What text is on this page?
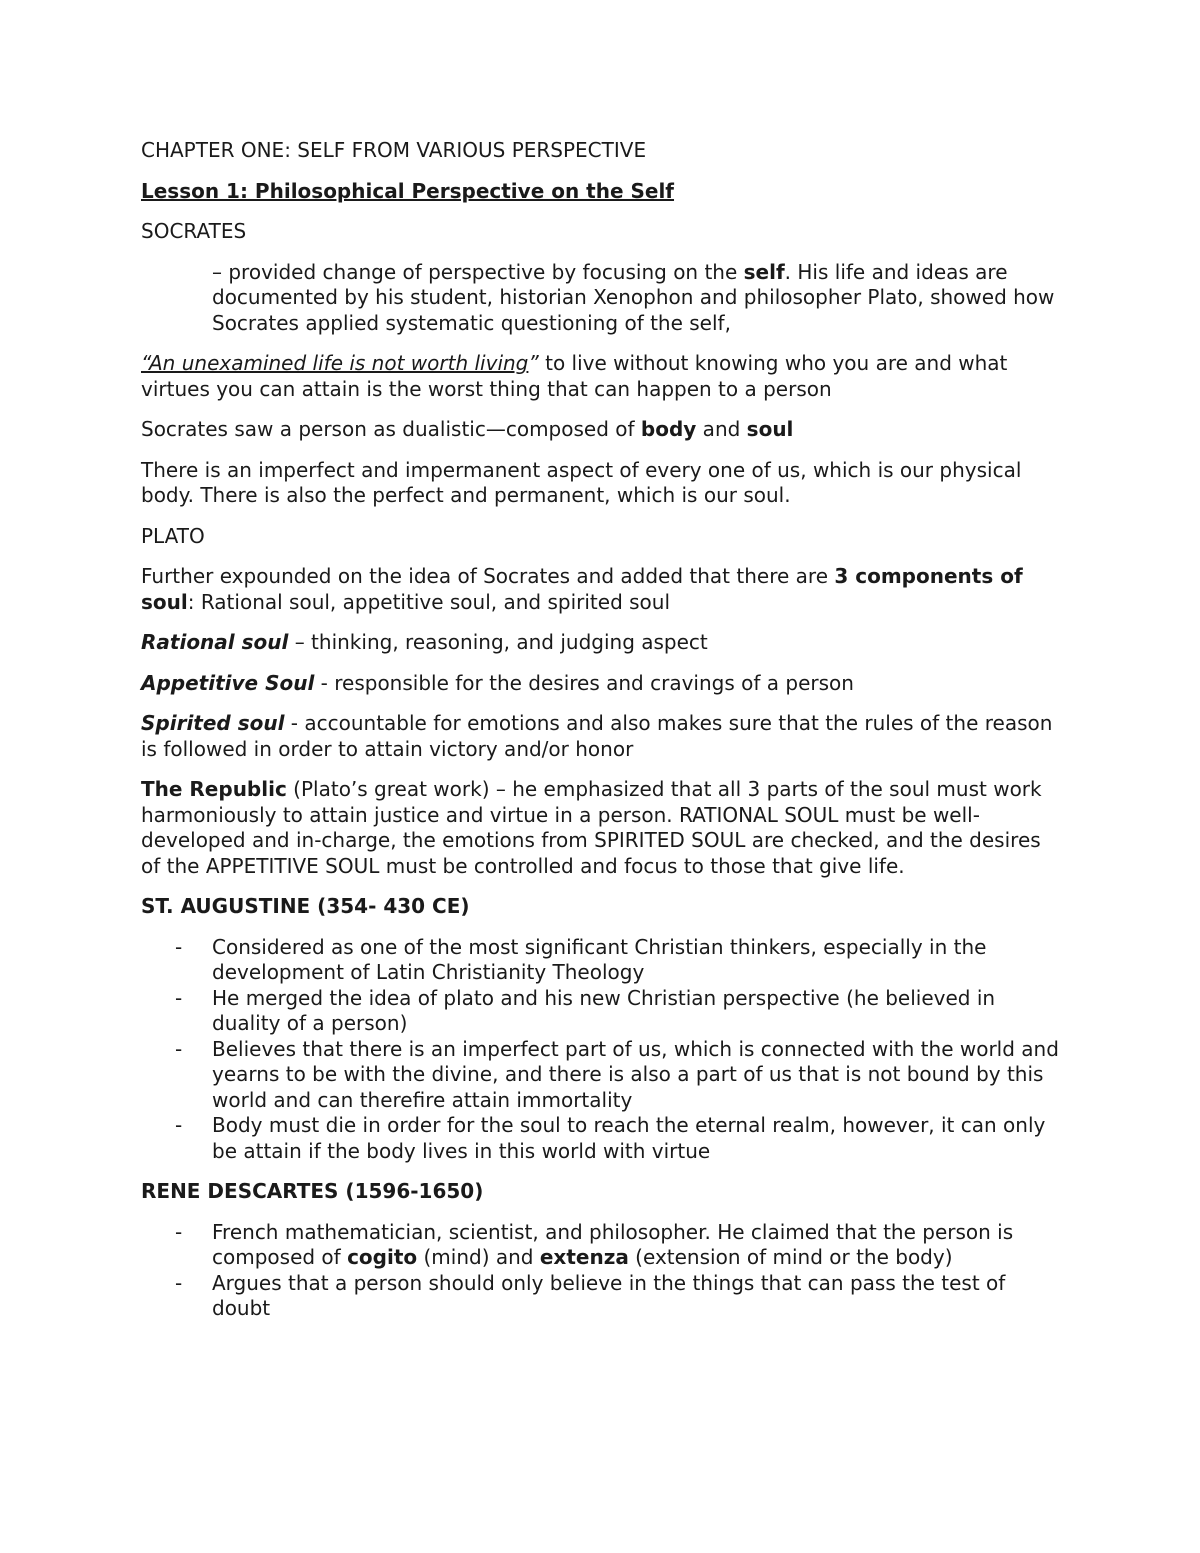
CHAPTER ONE: SELF FROM VARIOUS PERSPECTIVE

Lesson 1: Philosophical Perspective on the Self

SOCRATES

– provided change of perspective by focusing on the self. His life and ideas are documented by his student, historian Xenophon and philosopher Plato, showed how Socrates applied systematic questioning of the self,

“An unexamined life is not worth living” to live without knowing who you are and what virtues you can attain is the worst thing that can happen to a person

Socrates saw a person as dualistic—composed of body and soul

There is an imperfect and impermanent aspect of every one of us, which is our physical body. There is also the perfect and permanent, which is our soul.

PLATO

Further expounded on the idea of Socrates and added that there are 3 components of soul: Rational soul, appetitive soul, and spirited soul

Rational soul – thinking, reasoning, and judging aspect

Appetitive Soul - responsible for the desires and cravings of a person

Spirited soul - accountable for emotions and also makes sure that the rules of the reason is followed in order to attain victory and/or honor

The Republic (Plato’s great work) – he emphasized that all 3 parts of the soul must work harmoniously to attain justice and virtue in a person. RATIONAL SOUL must be well- developed and in-charge, the emotions from SPIRITED SOUL are checked, and the desires of the APPETITIVE SOUL must be controlled and focus to those that give life.

ST. AUGUSTINE (354- 430 CE)

- Considered as one of the most significant Christian thinkers, especially in the development of Latin Christianity Theology
- He merged the idea of plato and his new Christian perspective (he believed in duality of a person)
- Believes that there is an imperfect part of us, which is connected with the world and yearns to be with the divine, and there is also a part of us that is not bound by this world and can therefire attain immortality
- Body must die in order for the soul to reach the eternal realm, however, it can only be attain if the body lives in this world with virtue

RENE DESCARTES (1596-1650)

- French mathematician, scientist, and philosopher. He claimed that the person is composed of cogito (mind) and extenza (extension of mind or the body)
- Argues that a person should only believe in the things that can pass the test of doubt
